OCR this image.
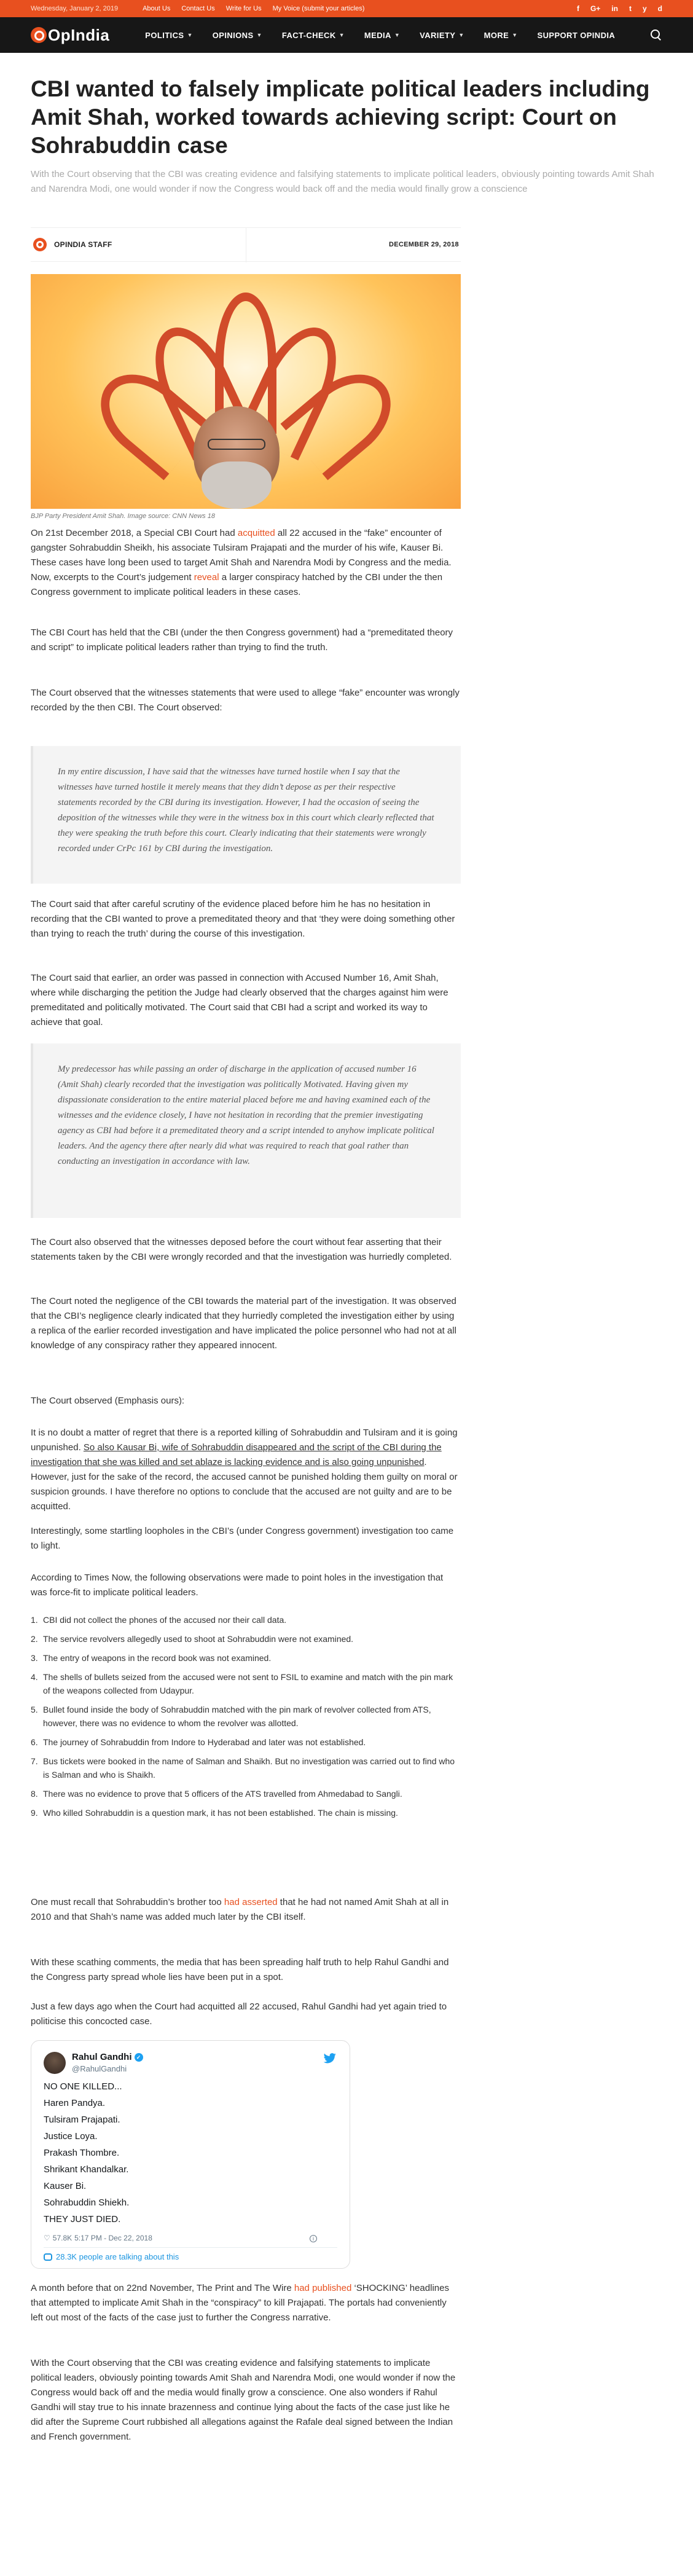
Wednesday, January 2, 2019	About Us Contact Us Write for Us My Voice (submit your articles)	f G+ in t y d
OpIndia	POLITICS ▼ OPINIONS ▼ FACT-CHECK ▼ MEDIA ▼ VARIETY ▼ MORE ▼ SUPPORT OPINDIA
CBI wanted to falsely implicate political leaders including Amit Shah, worked towards achieving script: Court on Sohrabuddin case

With the Court observing that the CBI was creating evidence and falsifying statements to implicate political leaders, obviously pointing towards Amit Shah and Narendra Modi, one would wonder if now the Congress would back off and the media would finally grow a conscience

OPINDIA STAFF	DECEMBER 29, 2018
BJP Party President Amit Shah. Image source: CNN News 18

On 21st December 2018, a Special CBI Court had acquitted all 22 accused in the “fake” encounter of gangster Sohrabuddin Sheikh, his associate Tulsiram Prajapati and the murder of his wife, Kauser Bi. These cases have long been used to target Amit Shah and Narendra Modi by Congress and the media. Now, excerpts to the Court’s judgement reveal a larger conspiracy hatched by the CBI under the then Congress government to implicate political leaders in these cases.

The CBI Court has held that the CBI (under the then Congress government) had a “premeditated theory and script” to implicate political leaders rather than trying to find the truth.

The Court observed that the witnesses statements that were used to allege “fake” encounter was wrongly recorded by the then CBI. The Court observed:

In my entire discussion, I have said that the witnesses have turned hostile when I say that the witnesses have turned hostile it merely means that they didn’t depose as per their respective statements recorded by the CBI during its investigation. However, I had the occasion of seeing the deposition of the witnesses while they were in the witness box in this court which clearly reflected that they were speaking the truth before this court. Clearly indicating that their statements were wrongly recorded under CrPc 161 by CBI during the investigation.

The Court said that after careful scrutiny of the evidence placed before him he has no hesitation in recording that the CBI wanted to prove a premeditated theory and that ‘they were doing something other than trying to reach the truth’ during the course of this investigation.

The Court said that earlier, an order was passed in connection with Accused Number 16, Amit Shah, where while discharging the petition the Judge had clearly observed that the charges against him were premeditated and politically motivated. The Court said that CBI had a script and worked its way to achieve that goal.

My predecessor has while passing an order of discharge in the application of accused number 16 (Amit Shah) clearly recorded that the investigation was politically Motivated. Having given my dispassionate consideration to the entire material placed before me and having examined each of the witnesses and the evidence closely, I have not hesitation in recording that the premier investigating agency as CBI had before it a premeditated theory and a script intended to anyhow implicate political leaders. And the agency there after nearly did what was required to reach that goal rather than conducting an investigation in accordance with law.

The Court also observed that the witnesses deposed before the court without fear asserting that their statements taken by the CBI were wrongly recorded and that the investigation was hurriedly completed.

The Court noted the negligence of the CBI towards the material part of the investigation. It was observed that the CBI’s negligence clearly indicated that they hurriedly completed the investigation either by using a replica of the earlier recorded investigation and have implicated the police personnel who had not at all knowledge of any conspiracy rather they appeared innocent.

The Court observed (Emphasis ours):

It is no doubt a matter of regret that there is a reported killing of Sohrabuddin and Tulsiram and it is going unpunished. So also Kausar Bi, wife of Sohrabuddin disappeared and the script of the CBI during the investigation that she was killed and set ablaze is lacking evidence and is also going unpunished. However, just for the sake of the record, the accused cannot be punished holding them guilty on moral or suspicion grounds. I have therefore no options to conclude that the accused are not guilty and are to be acquitted.

Interestingly, some startling loopholes in the CBI’s (under Congress government) investigation too came to light.

According to Times Now, the following observations were made to point holes in the investigation that was force-fit to implicate political leaders.

1. CBI did not collect the phones of the accused nor their call data.
2. The service revolvers allegedly used to shoot at Sohrabuddin were not examined.
3. The entry of weapons in the record book was not examined.
4. The shells of bullets seized from the accused were not sent to FSIL to examine and match with the pin mark of the weapons collected from Udaypur.
5. Bullet found inside the body of Sohrabuddin matched with the pin mark of revolver collected from ATS, however, there was no evidence to whom the revolver was allotted.
6. The journey of Sohrabuddin from Indore to Hyderabad and later was not established.
7. Bus tickets were booked in the name of Salman and Shaikh. But no investigation was carried out to find who is Salman and who is Shaikh.
8. There was no evidence to prove that 5 officers of the ATS travelled from Ahmedabad to Sangli.
9. Who killed Sohrabuddin is a question mark, it has not been established. The chain is missing.

One must recall that Sohrabuddin’s brother too had asserted that he had not named Amit Shah at all in 2010 and that Shah’s name was added much later by the CBI itself.

With these scathing comments, the media that has been spreading half truth to help Rahul Gandhi and the Congress party spread whole lies have been put in a spot.

Just a few days ago when the Court had acquitted all 22 accused, Rahul Gandhi had yet again tried to politicise this concocted case.

Rahul Gandhi ✓
@RahulGandhi
NO ONE KILLED...
Haren Pandya.
Tulsiram Prajapati.
Justice Loya.
Prakash Thombre.
Shrikant Khandalkar.
Kauser Bi.
Sohrabuddin Shiekh.
♡ 57.8K 5:17 PM - Dec 22, 2018	i
28.3K people are talking about this
THEY JUST DIED.

A month before that on 22nd November, The Print and The Wire had published ‘SHOCKING’ headlines that attempted to implicate Amit Shah in the “conspiracy” to kill Prajapati. The portals had conveniently left out most of the facts of the case just to further the Congress narrative.

With the Court observing that the CBI was creating evidence and falsifying statements to implicate political leaders, obviously pointing towards Amit Shah and Narendra Modi, one would wonder if now the Congress would back off and the media would finally grow a conscience. One also wonders if Rahul Gandhi will stay true to his innate brazenness and continue lying about the facts of the case just like he did after the Supreme Court rubbished all allegations against the Rafale deal signed between the Indian and French government.
